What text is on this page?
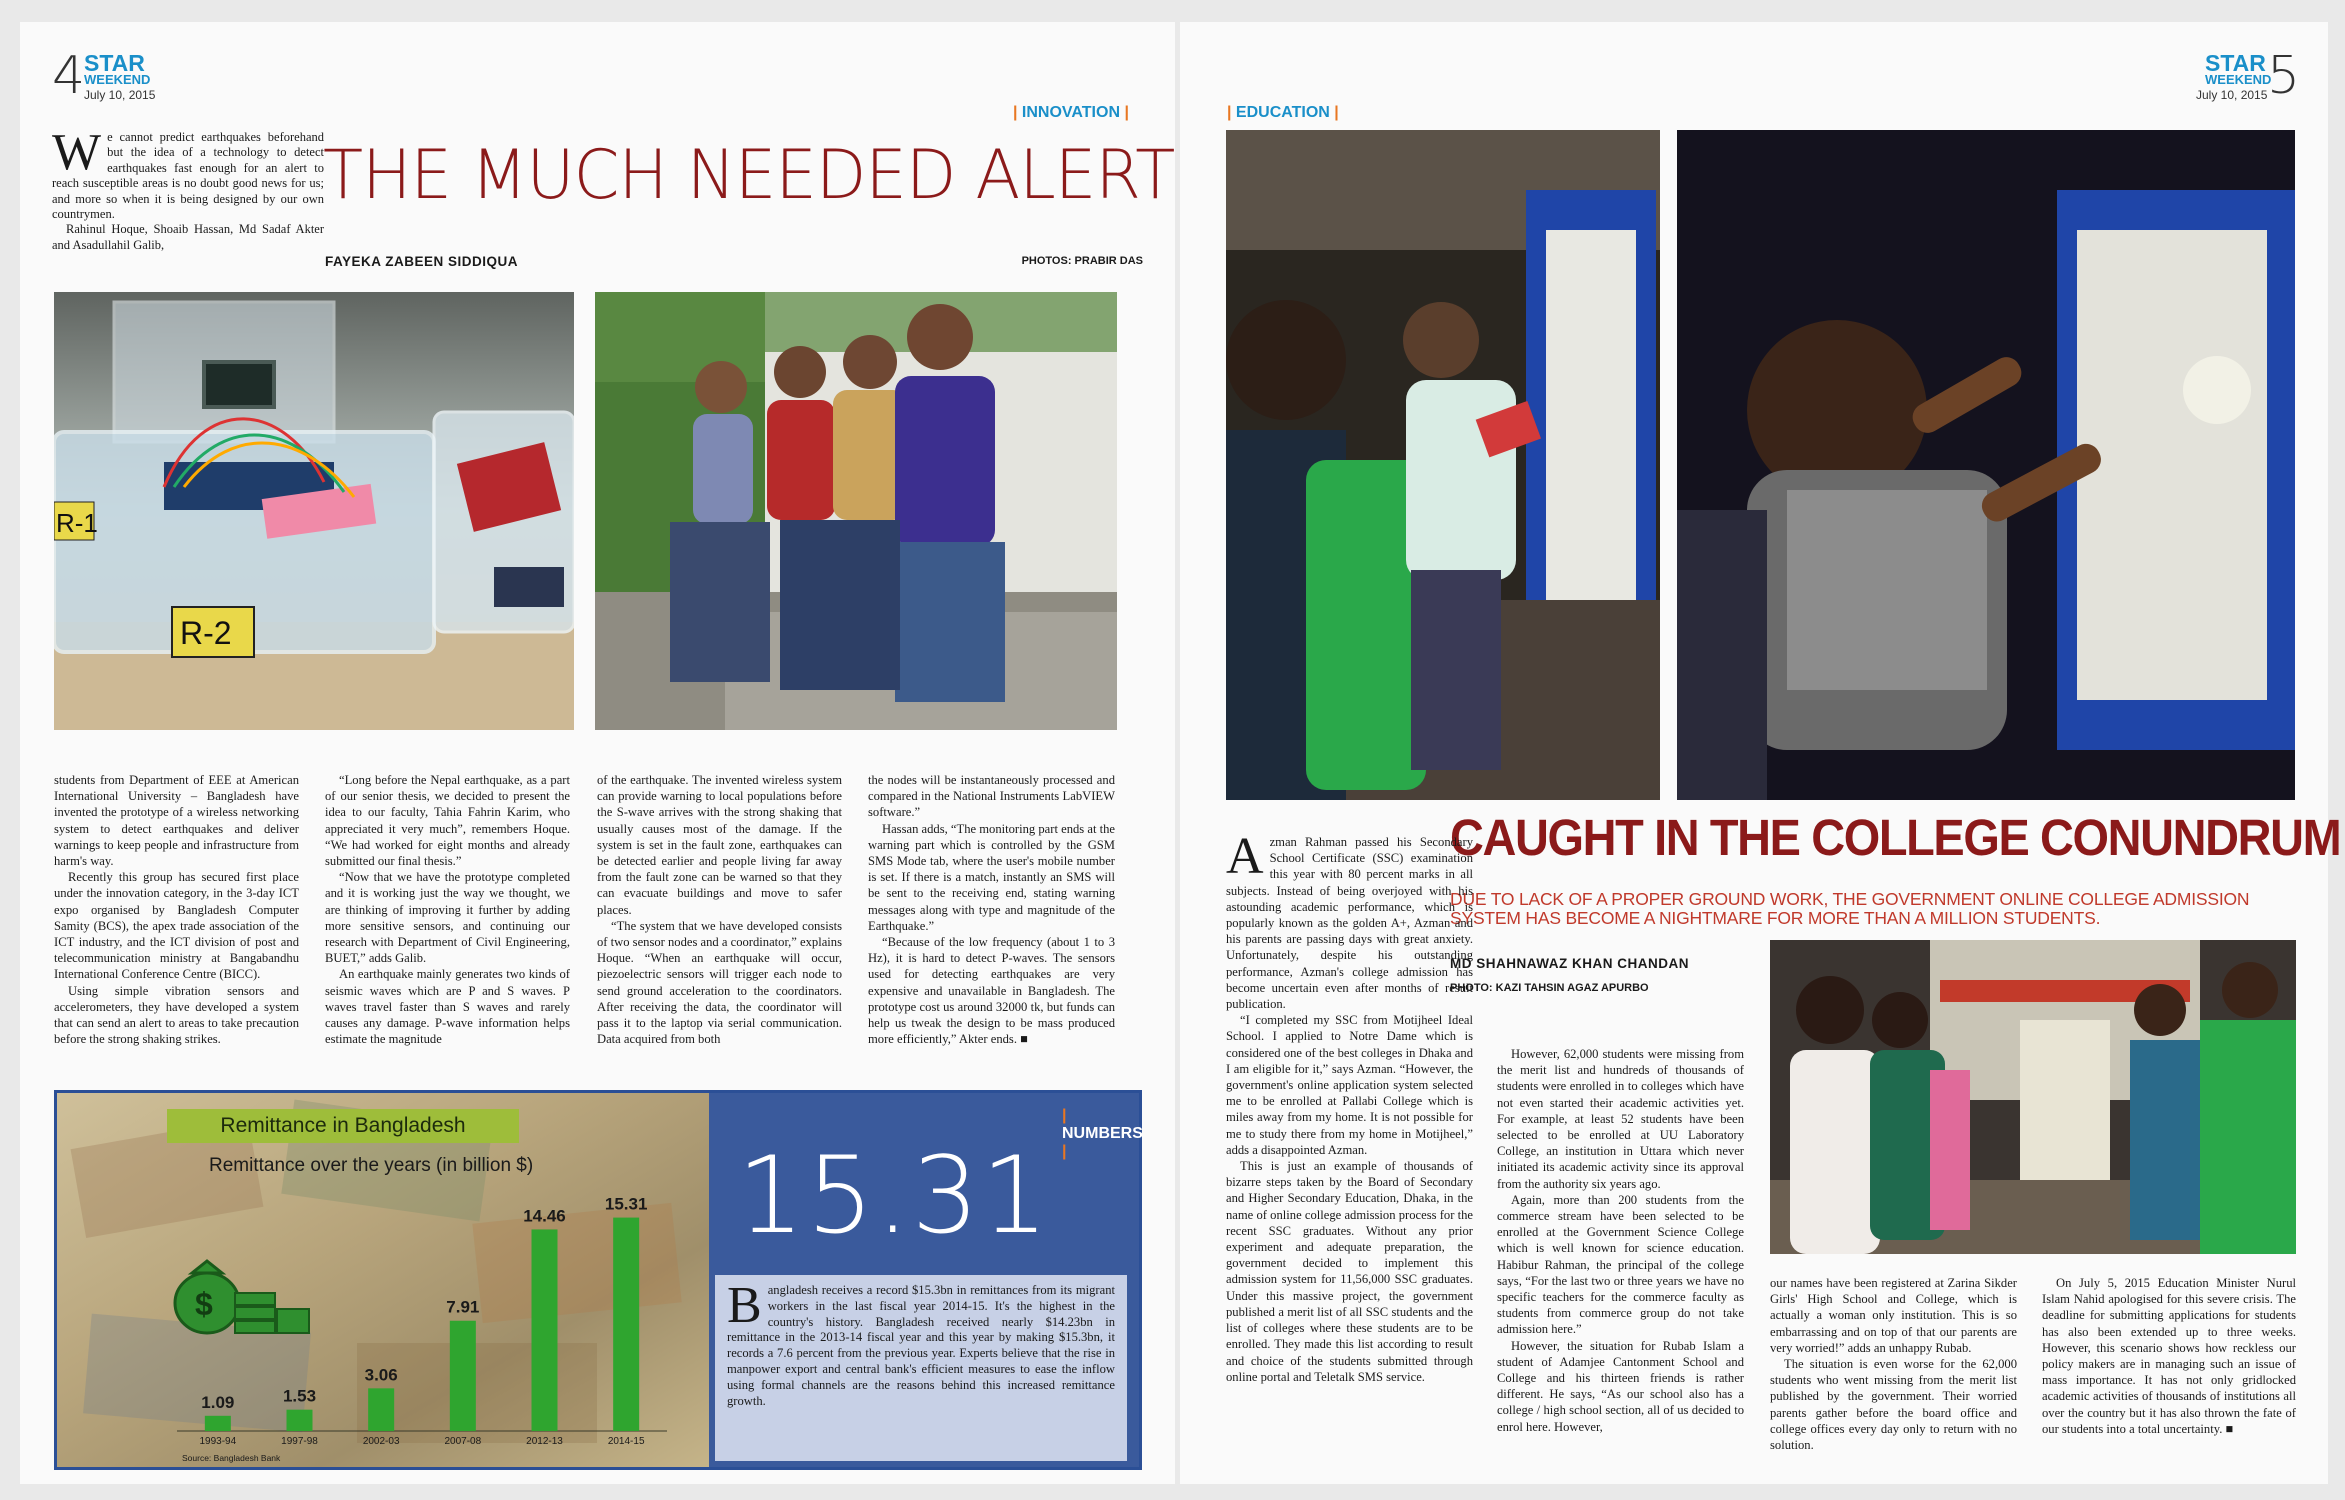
4
STAR
WEEKEND
July 10, 2015
| INNOVATION |
We cannot predict earthquakes beforehand but the idea of a technology to detect earthquakes fast enough for an alert to reach susceptible areas is no doubt good news for us; and more so when it is being designed by our own countrymen.

Rahinul Hoque, Shoaib Hassan, Md Sadaf Akter and Asadullahil Galib,

THE MUCH NEEDED ALERT
FAYEKA ZABEEN SIDDIQUA	PHOTOS: PRABIR DAS
R-1
R-2

students from Department of EEE at American International University – Bangladesh have invented the prototype of a wireless networking system to detect earthquakes and deliver warnings to keep people and infrastructure from harm's way.

Recently this group has secured first place under the innovation category, in the 3-day ICT expo organised by Bangladesh Computer Samity (BCS), the apex trade association of the ICT industry, and the ICT division of post and telecommunication ministry at Bangabandhu International Conference Centre (BICC).

Using simple vibration sensors and accelerometers, they have developed a system that can send an alert to areas to take precaution before the strong shaking strikes.

“Long before the Nepal earthquake, as a part of our senior thesis, we decided to present the idea to our faculty, Tahia Fahrin Karim, who appreciated it very much”, remembers Hoque. “We had worked for eight months and already submitted our final thesis.”

“Now that we have the prototype completed and it is working just the way we thought, we are thinking of improving it further by adding more sensitive sensors, and continuing our research with Department of Civil Engineering, BUET,” adds Galib.

An earthquake mainly generates two kinds of seismic waves which are P and S waves. P waves travel faster than S waves and rarely causes any damage. P-wave information helps estimate the magnitude

of the earthquake. The invented wireless system can provide warning to local populations before the S-wave arrives with the strong shaking that usually causes most of the damage. If the system is set in the fault zone, earthquakes can be detected earlier and people living far away from the fault zone can be warned so that they can evacuate buildings and move to safer places.

“The system that we have developed consists of two sensor nodes and a coordinator,” explains Hoque. “When an earthquake will occur, piezoelectric sensors will trigger each node to send ground acceleration to the coordinators. After receiving the data, the coordinator will pass it to the laptop via serial communication. Data acquired from both

the nodes will be instantaneously processed and compared in the National Instruments LabVIEW software.”

Hassan adds, “The monitoring part ends at the warning part which is controlled by the GSM SMS Mode tab, where the user's mobile number is set. If there is a match, instantly an SMS will be sent to the receiving end, stating warning messages along with type and magnitude of the Earthquake.”

“Because of the low frequency (about 1 to 3 Hz), it is hard to detect P-waves. The sensors used for detecting earthquakes are very expensive and unavailable in Bangladesh. The prototype cost us around 32000 tk, but funds can help us tweak the design to be mass produced more efficiently,” Akter ends. ■

1.09
1993-94
1.53
1997-98
3.06
2002-03
7.91
2007-08
14.46
2012-13
15.31
2014-15
$
Remittance in Bangladesh
Remittance over the years (in billion $)
Source: Bangladesh Bank
| NUMBERS |
15.31
Bangladesh receives a record $15.3bn in remittances from its migrant workers in the last fiscal year 2014-15. It's the highest in the country's history. Bangladesh received nearly $14.23bn in remittance in the 2013-14 fiscal year and this year by making $15.3bn, it records a 7.6 percent from the previous year. Experts believe that the rise in manpower export and central bank's efficient measures to ease the inflow using formal channels are the reasons behind this increased remittance growth.
STAR
WEEKEND
July 10, 2015 5
| EDUCATION |
CAUGHT IN THE COLLEGE CONUNDRUM
DUE TO LACK OF A PROPER GROUND WORK, THE GOVERNMENT ONLINE COLLEGE ADMISSION SYSTEM HAS BECOME A NIGHTMARE FOR MORE THAN A MILLION STUDENTS.
MD SHAHNAWAZ KHAN CHANDAN
PHOTO: KAZI TAHSIN AGAZ APURBO

Azman Rahman passed his Secondary School Certificate (SSC) examination this year with 80 percent marks in all subjects. Instead of being overjoyed with his astounding academic performance, which is popularly known as the golden A+, Azman and his parents are passing days with great anxiety. Unfortunately, despite his outstanding performance, Azman's college admission has become uncertain even after months of result publication.

“I completed my SSC from Motijheel Ideal School. I applied to Notre Dame which is considered one of the best colleges in Dhaka and I am eligible for it,” says Azman. “However, the government's online application system selected me to be enrolled at Pallabi College which is miles away from my home. It is not possible for me to study there from my home in Motijheel,” adds a disappointed Azman.

This is just an example of thousands of bizarre steps taken by the Board of Secondary and Higher Secondary Education, Dhaka, in the name of online college admission process for the recent SSC graduates. Without any prior experiment and adequate preparation, the government decided to implement this admission system for 11,56,000 SSC graduates. Under this massive project, the government published a merit list of all SSC students and the list of colleges where these students are to be enrolled. They made this list according to result and choice of the students submitted through online portal and Teletalk SMS service.

However, 62,000 students were missing from the merit list and hundreds of thousands of students were enrolled in to colleges which have not even started their academic activities yet. For example, at least 52 students have been selected to be enrolled at UU Laboratory College, an institution in Uttara which never initiated its academic activity since its approval from the authority six years ago.

Again, more than 200 students from the commerce stream have been selected to be enrolled at the Government Science College which is well known for science education. Habibur Rahman, the principal of the college says, “For the last two or three years we have no specific teachers for the commerce faculty as students from commerce group do not take admission here.”

However, the situation for Rubab Islam a student of Adamjee Cantonment School and College and his thirteen friends is rather different. He says, “As our school also has a college / high school section, all of us decided to enrol here. However,

our names have been registered at Zarina Sikder Girls' High School and College, which is actually a woman only institution. This is so embarrassing and on top of that our parents are very worried!” adds an unhappy Rubab.

The situation is even worse for the 62,000 students who went missing from the merit list published by the government. Their worried parents gather before the board office and college offices every day only to return with no solution.

On July 5, 2015 Education Minister Nurul Islam Nahid apologised for this severe crisis. The deadline for submitting applications for students has also been extended up to three weeks. However, this scenario shows how reckless our policy makers are in managing such an issue of mass importance. It has not only gridlocked academic activities of thousands of institutions all over the country but it has also thrown the fate of our students into a total uncertainty. ■
